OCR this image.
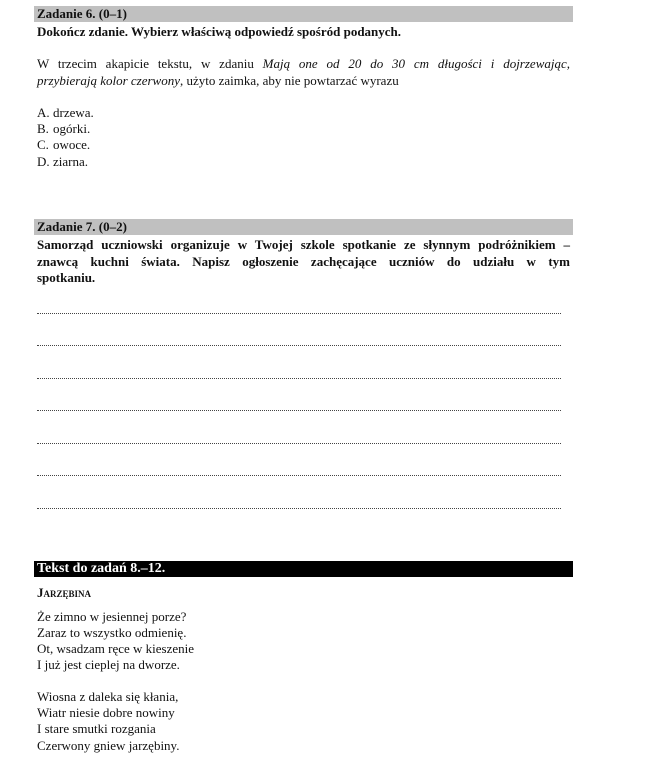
Zadanie 6. (0–1)
Dokończ zdanie. Wybierz właściwą odpowiedź spośród podanych.
W trzecim akapicie tekstu, w zdaniu Mają one od 20 do 30 cm długości i dojrzewając,
przybierają kolor czerwony, użyto zaimka, aby nie powtarzać wyrazu
A. drzewa.
B. ogórki.
C. owoce.
D. ziarna.
Zadanie 7. (0–2)
Samorząd uczniowski organizuje w Twojej szkole spotkanie ze słynnym podróżnikiem –
znawcą kuchni świata. Napisz ogłoszenie zachęcające uczniów do udziału w tym
spotkaniu.
Tekst do zadań 8.–12.
Jarzębina
Że zimno w jesiennej porze?
Zaraz to wszystko odmienię.
Ot, wsadzam ręce w kieszenie
I już jest cieplej na dworze.
Wiosna z daleka się kłania,
Wiatr niesie dobre nowiny
I stare smutki rozgania
Czerwony gniew jarzębiny.
